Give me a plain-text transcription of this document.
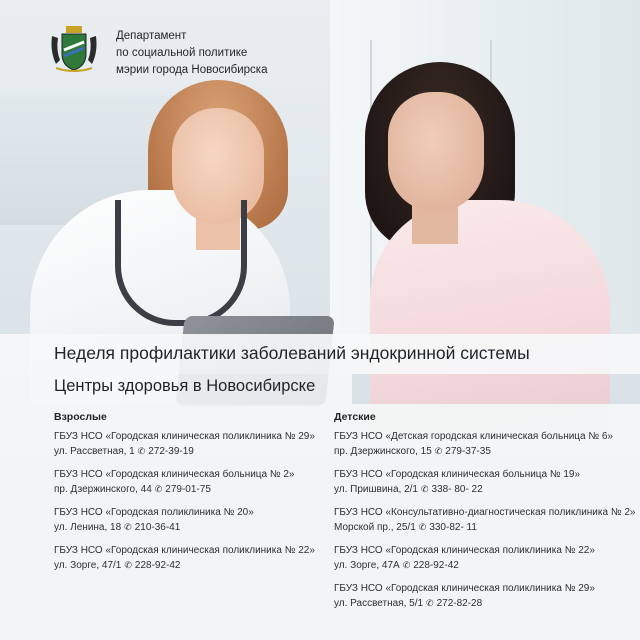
Департамент
по социальной политике
мэрии города Новосибирска
Неделя профилактики заболеваний эндокринной системы
Центры здоровья в Новосибирске
Взрослые
ГБУЗ НСО «Городская клиническая поликлиника № 29»
ул. Рассветная, 1 ✆ 272-39-19
ГБУЗ НСО «Городская клиническая больница № 2»
пр. Дзержинского, 44 ✆ 279-01-75
ГБУЗ НСО «Городская поликлиника № 20»
ул. Ленина, 18 ✆ 210-36-41
ГБУЗ НСО «Городская клиническая поликлиника № 22»
ул. Зорге, 47/1 ✆ 228-92-42
Детские
ГБУЗ НСО «Детская городская клиническая больница № 6»
пр. Дзержинского, 15 ✆ 279-37-35
ГБУЗ НСО «Городская клиническая больница № 19»
ул. Пришвина, 2/1 ✆ 338- 80- 22
ГБУЗ НСО «Консультативно-диагностическая поликлиника № 2»
Морской пр., 25/1 ✆ 330-82- 11
ГБУЗ НСО «Городская клиническая поликлиника № 22»
ул. Зорге, 47А ✆ 228-92-42
ГБУЗ НСО «Городская клиническая поликлиника № 29»
ул. Рассветная, 5/1 ✆ 272-82-28
